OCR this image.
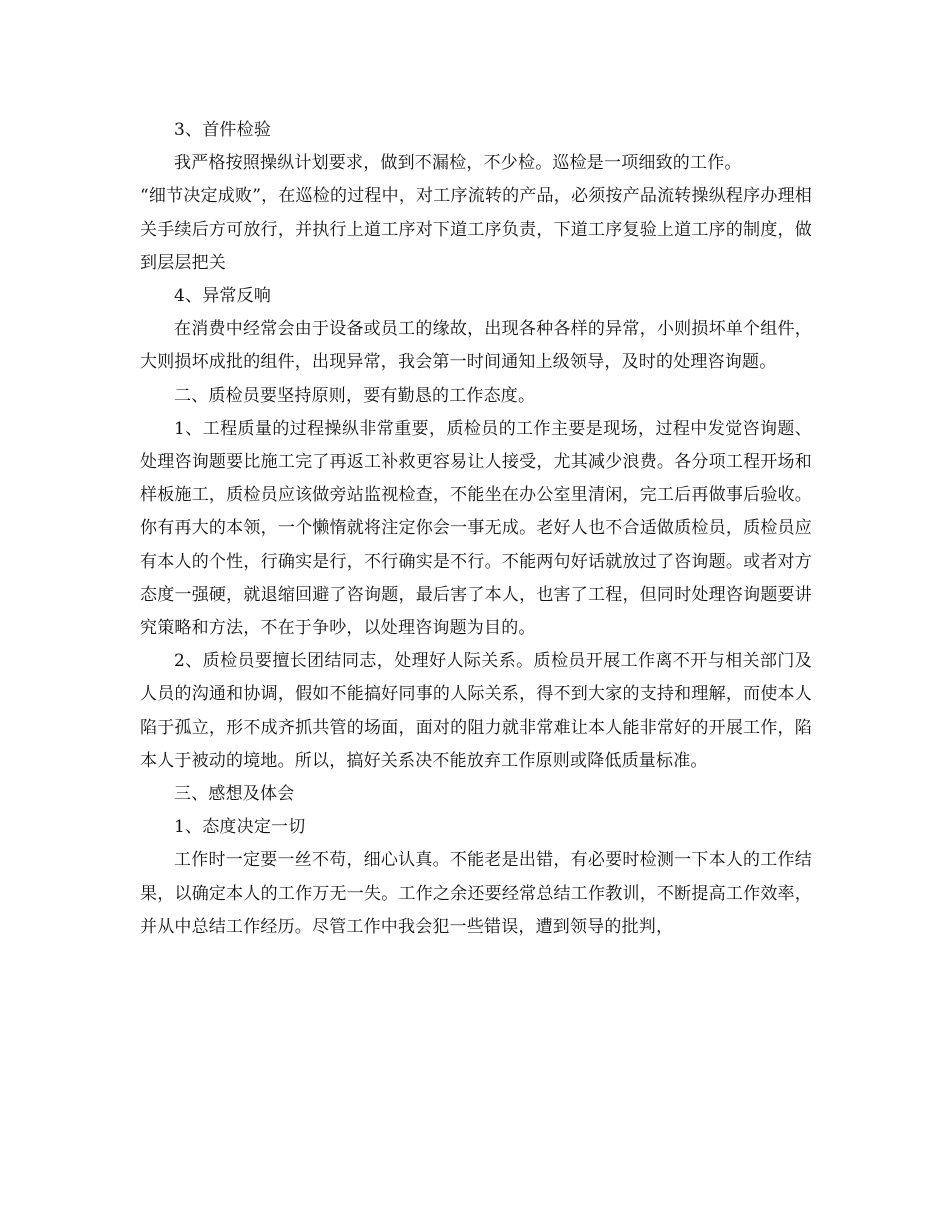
3、首件检验

我严格按照操纵计划要求，做到不漏检，不少检。巡检是一项细致的工作。

“细节决定成败”，在巡检的过程中，对工序流转的产品，必须按产品流转操纵程序办理相关手续后方可放行，并执行上道工序对下道工序负责，下道工序复验上道工序的制度，做到层层把关

4、异常反响

在消费中经常会由于设备或员工的缘故，出现各种各样的异常，小则损坏单个组件，大则损坏成批的组件，出现异常，我会第一时间通知上级领导，及时的处理咨询题。

二、质检员要坚持原则，要有勤恳的工作态度。

1、工程质量的过程操纵非常重要，质检员的工作主要是现场，过程中发觉咨询题、处理咨询题要比施工完了再返工补救更容易让人接受，尤其减少浪费。各分项工程开场和样板施工，质检员应该做旁站监视检查，不能坐在办公室里清闲，完工后再做事后验收。你有再大的本领，一个懒惰就将注定你会一事无成。老好人也不合适做质检员，质检员应有本人的个性，行确实是行，不行确实是不行。不能两句好话就放过了咨询题。或者对方态度一强硬，就退缩回避了咨询题，最后害了本人，也害了工程，但同时处理咨询题要讲究策略和方法，不在于争吵，以处理咨询题为目的。

2、质检员要擅长团结同志，处理好人际关系。质检员开展工作离不开与相关部门及人员的沟通和协调，假如不能搞好同事的人际关系，得不到大家的支持和理解，而使本人陷于孤立，形不成齐抓共管的场面，面对的阻力就非常难让本人能非常好的开展工作，陷本人于被动的境地。所以，搞好关系决不能放弃工作原则或降低质量标准。

三、感想及体会

1、态度决定一切

工作时一定要一丝不苟，细心认真。不能老是出错，有必要时检测一下本人的工作结果，以确定本人的工作万无一失。工作之余还要经常总结工作教训，不断提高工作效率，并从中总结工作经历。尽管工作中我会犯一些错误，遭到领导的批判，
